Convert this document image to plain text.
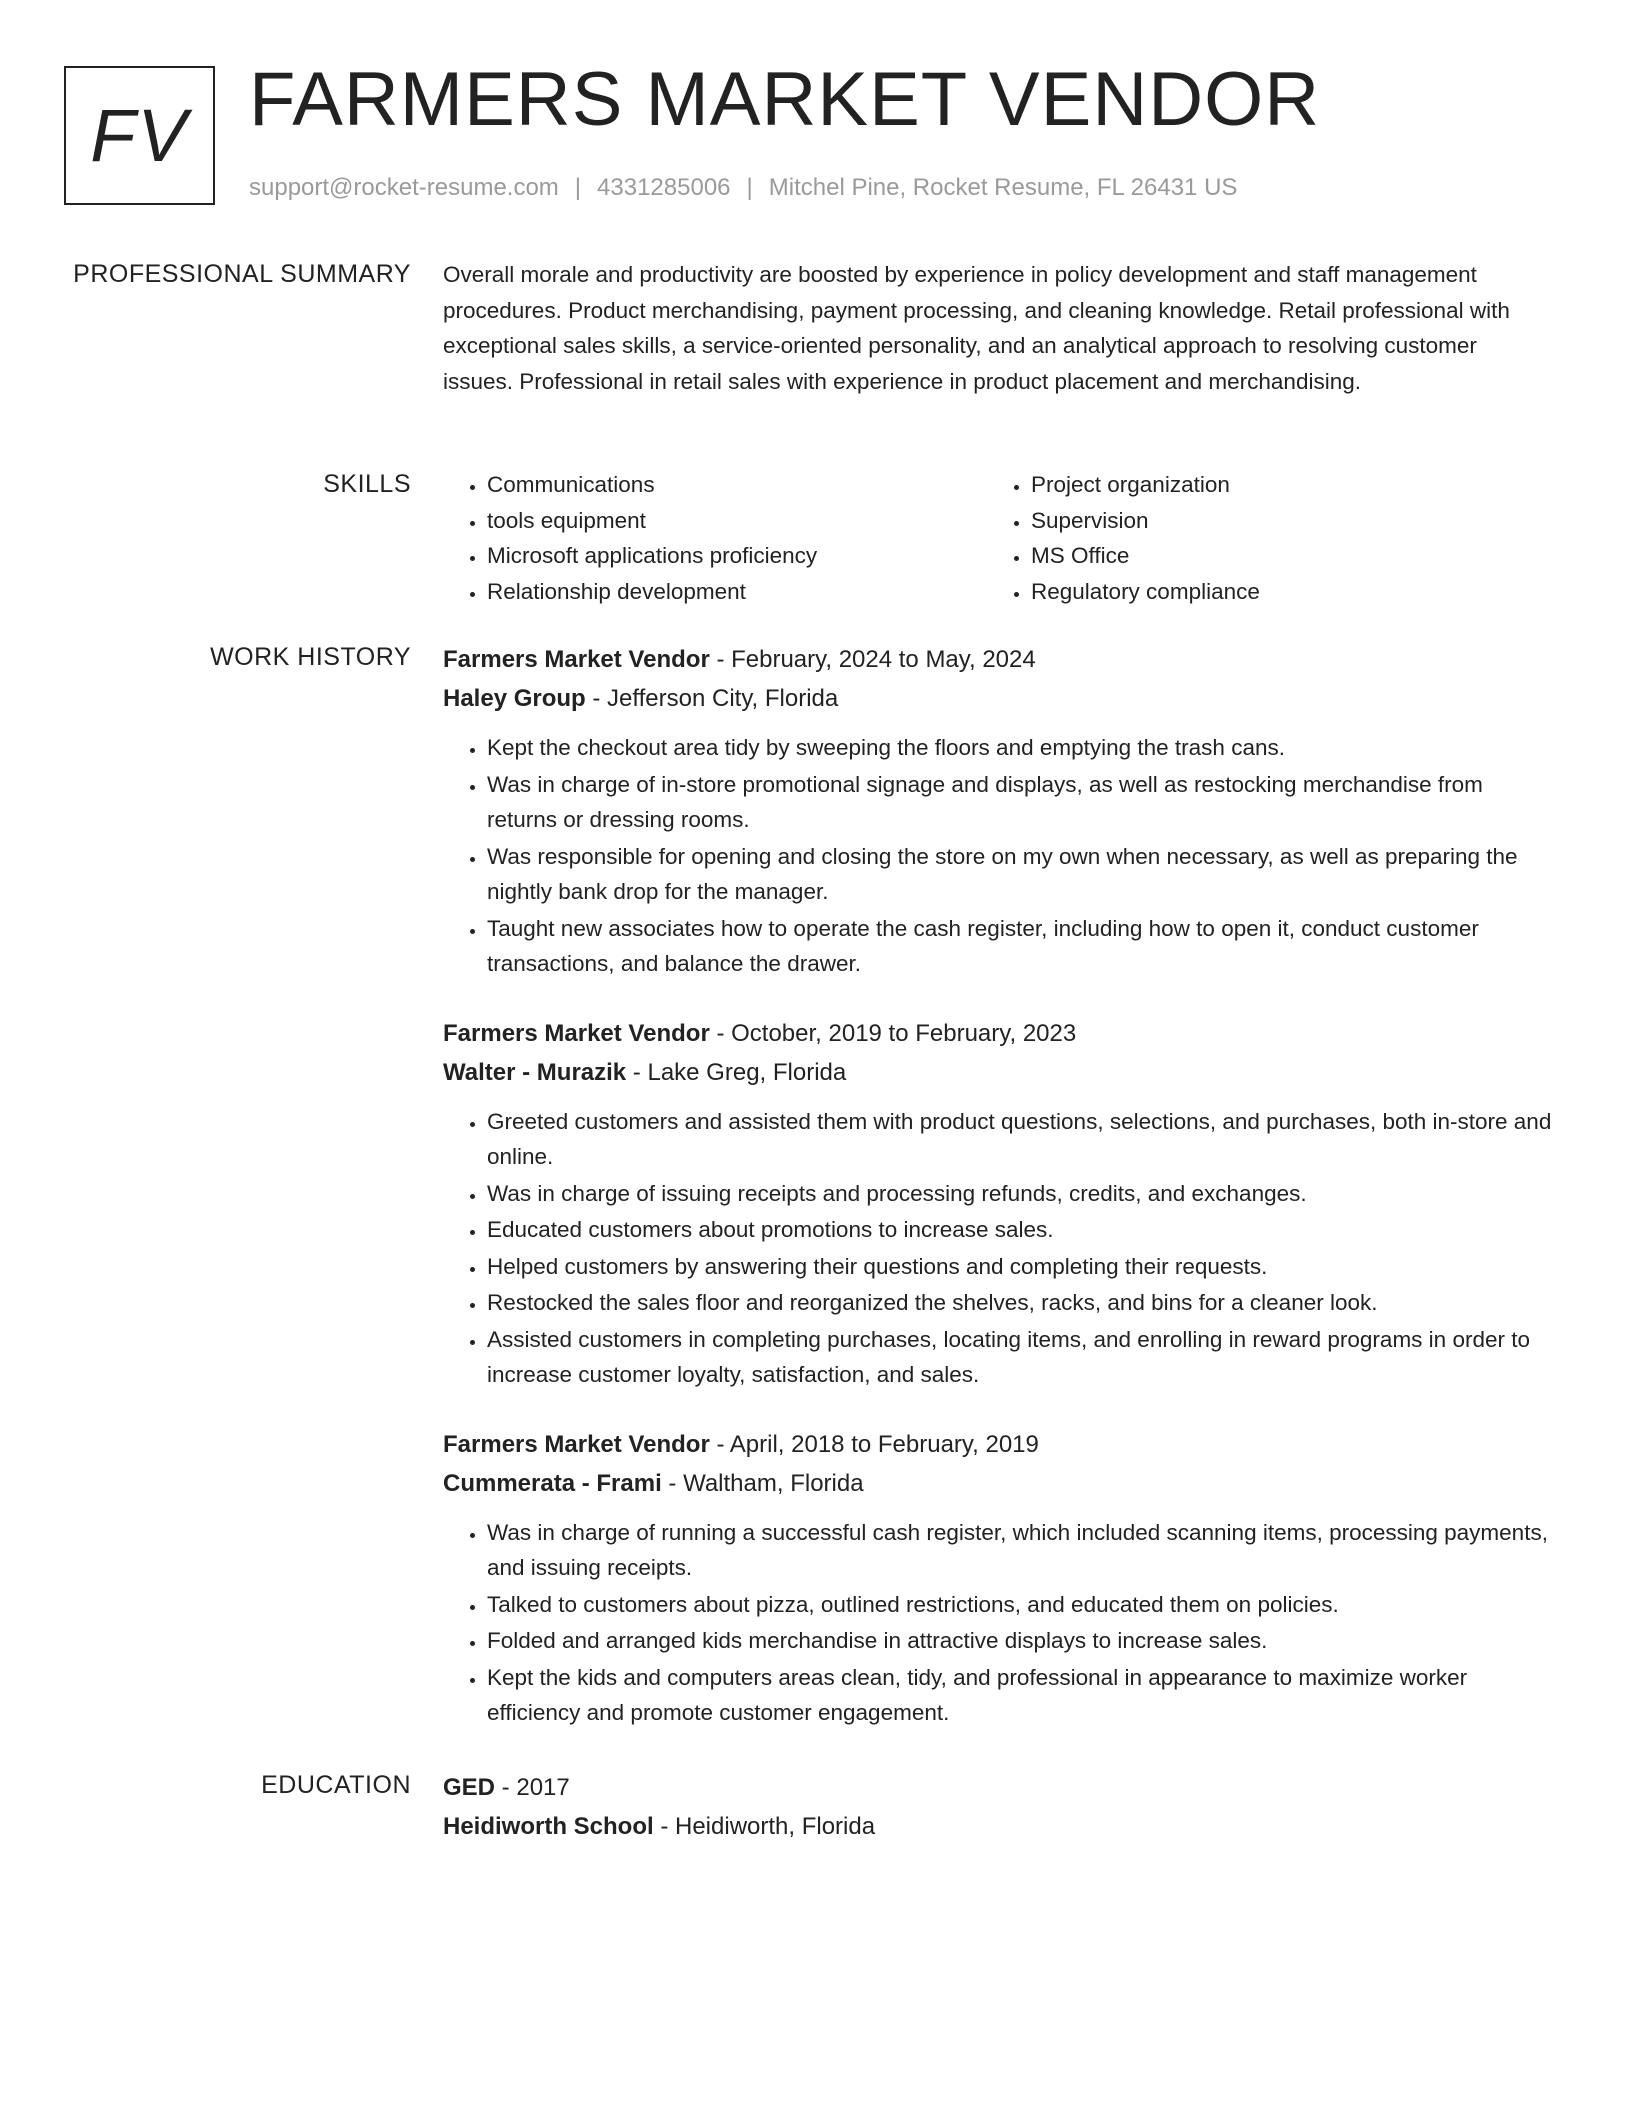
FV FARMERS MARKET VENDOR
support@rocket-resume.com | 4331285006 | Mitchel Pine, Rocket Resume, FL 26431 US
PROFESSIONAL SUMMARY Overall morale and productivity are boosted by experience in policy development and staff management procedures. Product merchandising, payment processing, and cleaning knowledge. Retail professional with exceptional sales skills, a service-oriented personality, and an analytical approach to resolving customer issues. Professional in retail sales with experience in product placement and merchandising.

SKILLS
•	Communications
• tools equipment
• Microsoft applications proficiency
• Relationship development
• Project organization
• Supervision
• MS Office
• Regulatory compliance
WORK HISTORY Farmers Market Vendor - February, 2024 to May, 2024
Haley Group - Jefferson City, Florida
• Kept the checkout area tidy by sweeping the floors and emptying the trash cans.
• Was in charge of in-store promotional signage and displays, as well as restocking merchandise from returns or dressing rooms.
• Was responsible for opening and closing the store on my own when necessary, as well as preparing the nightly bank drop for the manager.
• Taught new associates how to operate the cash register, including how to open it, conduct customer transactions, and balance the drawer.
Farmers Market Vendor - October, 2019 to February, 2023
Walter - Murazik - Lake Greg, Florida
• Greeted customers and assisted them with product questions, selections, and purchases, both in-store and online.
• Was in charge of issuing receipts and processing refunds, credits, and exchanges.
• Educated customers about promotions to increase sales.
• Helped customers by answering their questions and completing their requests.
• Restocked the sales floor and reorganized the shelves, racks, and bins for a cleaner look.
• Assisted customers in completing purchases, locating items, and enrolling in reward programs in order to increase customer loyalty, satisfaction, and sales.
Farmers Market Vendor - April, 2018 to February, 2019
Cummerata - Frami - Waltham, Florida
• Was in charge of running a successful cash register, which included scanning items, processing payments, and issuing receipts.
• Talked to customers about pizza, outlined restrictions, and educated them on policies.
• Folded and arranged kids merchandise in attractive displays to increase sales.
• Kept the kids and computers areas clean, tidy, and professional in appearance to maximize worker efficiency and promote customer engagement.
EDUCATION GED - 2017
Heidiworth School - Heidiworth, Florida
